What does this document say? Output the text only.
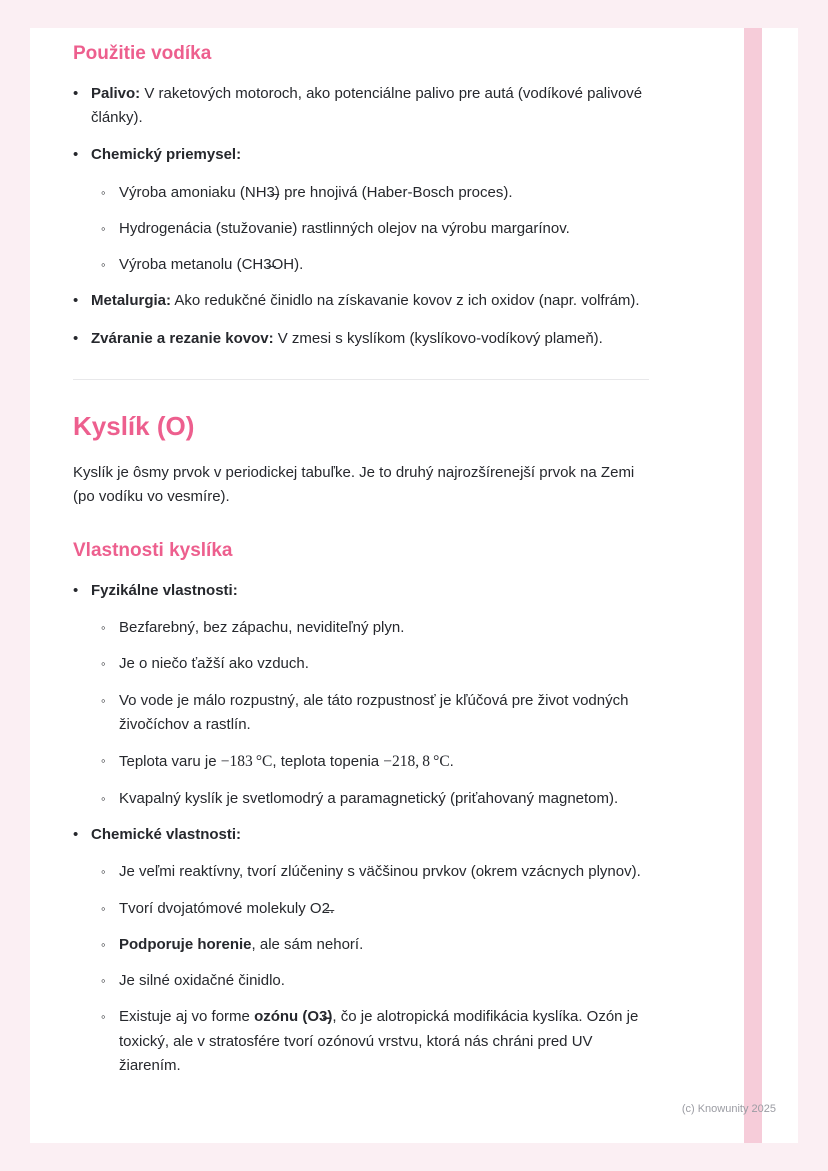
Použitie vodíka
• Palivo: V raketových motoroch, ako potenciálne palivo pre autá (vodíkové palivové články).
• Chemický priemysel:
◦ Výroba amoniaku (NH3̶) pre hnojivá (Haber-Bosch proces).
◦ Hydrogenácia (stužovanie) rastlinných olejov na výrobu margarínov.
◦ Výroba metanolu (CH3̶OH).
• Metalurgia: Ako redukčné činidlo na získavanie kovov z ich oxidov (napr. volfrám).
• Zváranie a rezanie kovov: V zmesi s kyslíkom (kyslíkovo-vodíkový plameň).
Kyslík (O)

Kyslík je ôsmy prvok v periodickej tabuľke. Je to druhý najrozšírenejší prvok na Zemi (po vodíku vo vesmíre).

Vlastnosti kyslíka
• Fyzikálne vlastnosti:
◦ Bezfarebný, bez zápachu, neviditeľný plyn.
◦ Je o niečo ťažší ako vzduch.
◦ Vo vode je málo rozpustný, ale táto rozpustnosť je kľúčová pre život vodných živočíchov a rastlín.
◦ Teplota varu je −183 °C, teplota topenia −218, 8 °C.
◦ Kvapalný kyslík je svetlomodrý a paramagnetický (priťahovaný magnetom).
• Chemické vlastnosti:
◦ Je veľmi reaktívny, tvorí zlúčeniny s väčšinou prvkov (okrem vzácnych plynov).
◦ Tvorí dvojatómové molekuly O2̶.
◦ Podporuje horenie, ale sám nehorí.
◦ Je silné oxidačné činidlo.
◦ Existuje aj vo forme ozónu (O3̶), čo je alotropická modifikácia kyslíka. Ozón je toxický, ale v stratosfére tvorí ozónovú vrstvu, ktorá nás chráni pred UV žiarením.
(c) Knowunity 2025
